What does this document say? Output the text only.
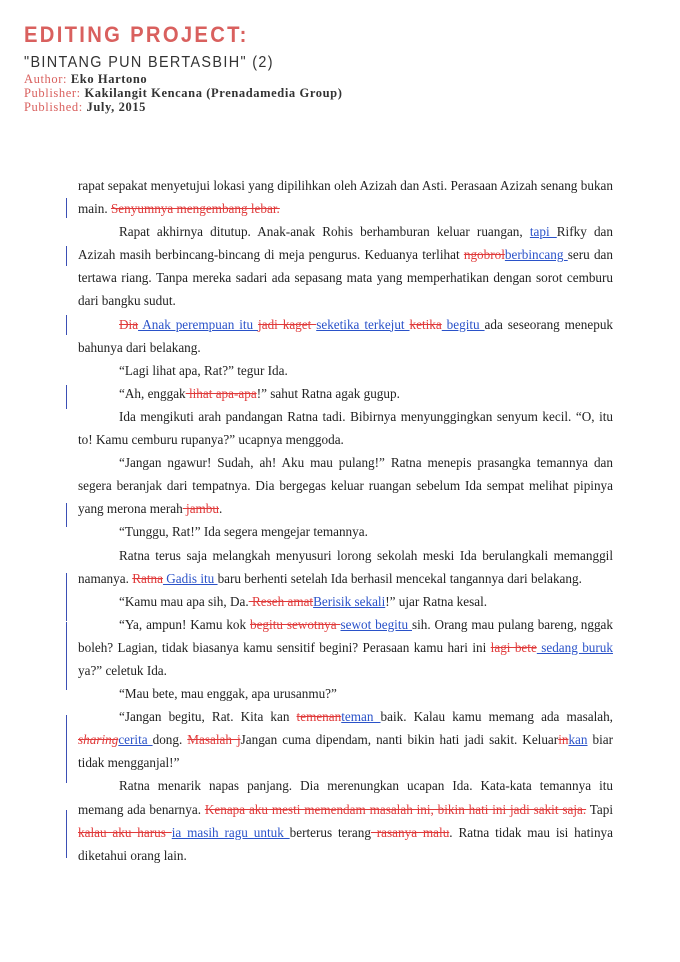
EDITING PROJECT:
"BINTANG PUN BERTASBIH" (2)
Author: Eko Hartono
Publisher: Kakilangit Kencana (Prenadamedia Group)
Published: July, 2015

rapat sepakat menyetujui lokasi yang dipilihkan oleh Azizah dan Asti. Perasaan Azizah senang bukan main. Senyumnya mengembang lebar.

Rapat akhirnya ditutup. Anak-anak Rohis berhamburan keluar ruangan, tapi Rifky dan Azizah masih berbincang-bincang di meja pengurus. Keduanya terlihat ngobrolberbincang seru dan tertawa riang. Tanpa mereka sadari ada sepasang mata yang memperhatikan dengan sorot cemburu dari bangku sudut.

Dia Anak perempuan itu jadi kaget seketika terkejut ketika begitu ada seseorang menepuk bahunya dari belakang.

“Lagi lihat apa, Rat?” tegur Ida.

“Ah, enggak lihat apa-apa!” sahut Ratna agak gugup.

Ida mengikuti arah pandangan Ratna tadi. Bibirnya menyunggingkan senyum kecil. “O, itu to! Kamu cemburu rupanya?” ucapnya menggoda.

“Jangan ngawur! Sudah, ah! Aku mau pulang!” Ratna menepis prasangka temannya dan segera beranjak dari tempatnya. Dia bergegas keluar ruangan sebelum Ida sempat melihat pipinya yang merona merah jambu.

“Tunggu, Rat!” Ida segera mengejar temannya.

Ratna terus saja melangkah menyusuri lorong sekolah meski Ida berulangkali memanggil namanya. Ratna Gadis itu baru berhenti setelah Ida berhasil mencekal tangannya dari belakang.

“Kamu mau apa sih, Da. Reseh amatBerisik sekali!” ujar Ratna kesal.

“Ya, ampun! Kamu kok begitu sewotnya sewot begitu sih. Orang mau pulang bareng, nggak boleh? Lagian, tidak biasanya kamu sensitif begini? Perasaan kamu hari ini lagi bete sedang buruk ya?” celetuk Ida.

“Mau bete, mau enggak, apa urusanmu?”

“Jangan begitu, Rat. Kita kan temenanteman baik. Kalau kamu memang ada masalah, sharingcerita dong. Masalah jJangan cuma dipendam, nanti bikin hati jadi sakit. Keluarinkan biar tidak mengganjal!”

Ratna menarik napas panjang. Dia merenungkan ucapan Ida. Kata-kata temannya itu memang ada benarnya. Kenapa aku mesti memendam masalah ini, bikin hati ini jadi sakit saja. Tapi kalau aku harus ia masih ragu untuk berterus terang rasanya malu. Ratna tidak mau isi hatinya diketahui orang lain.
